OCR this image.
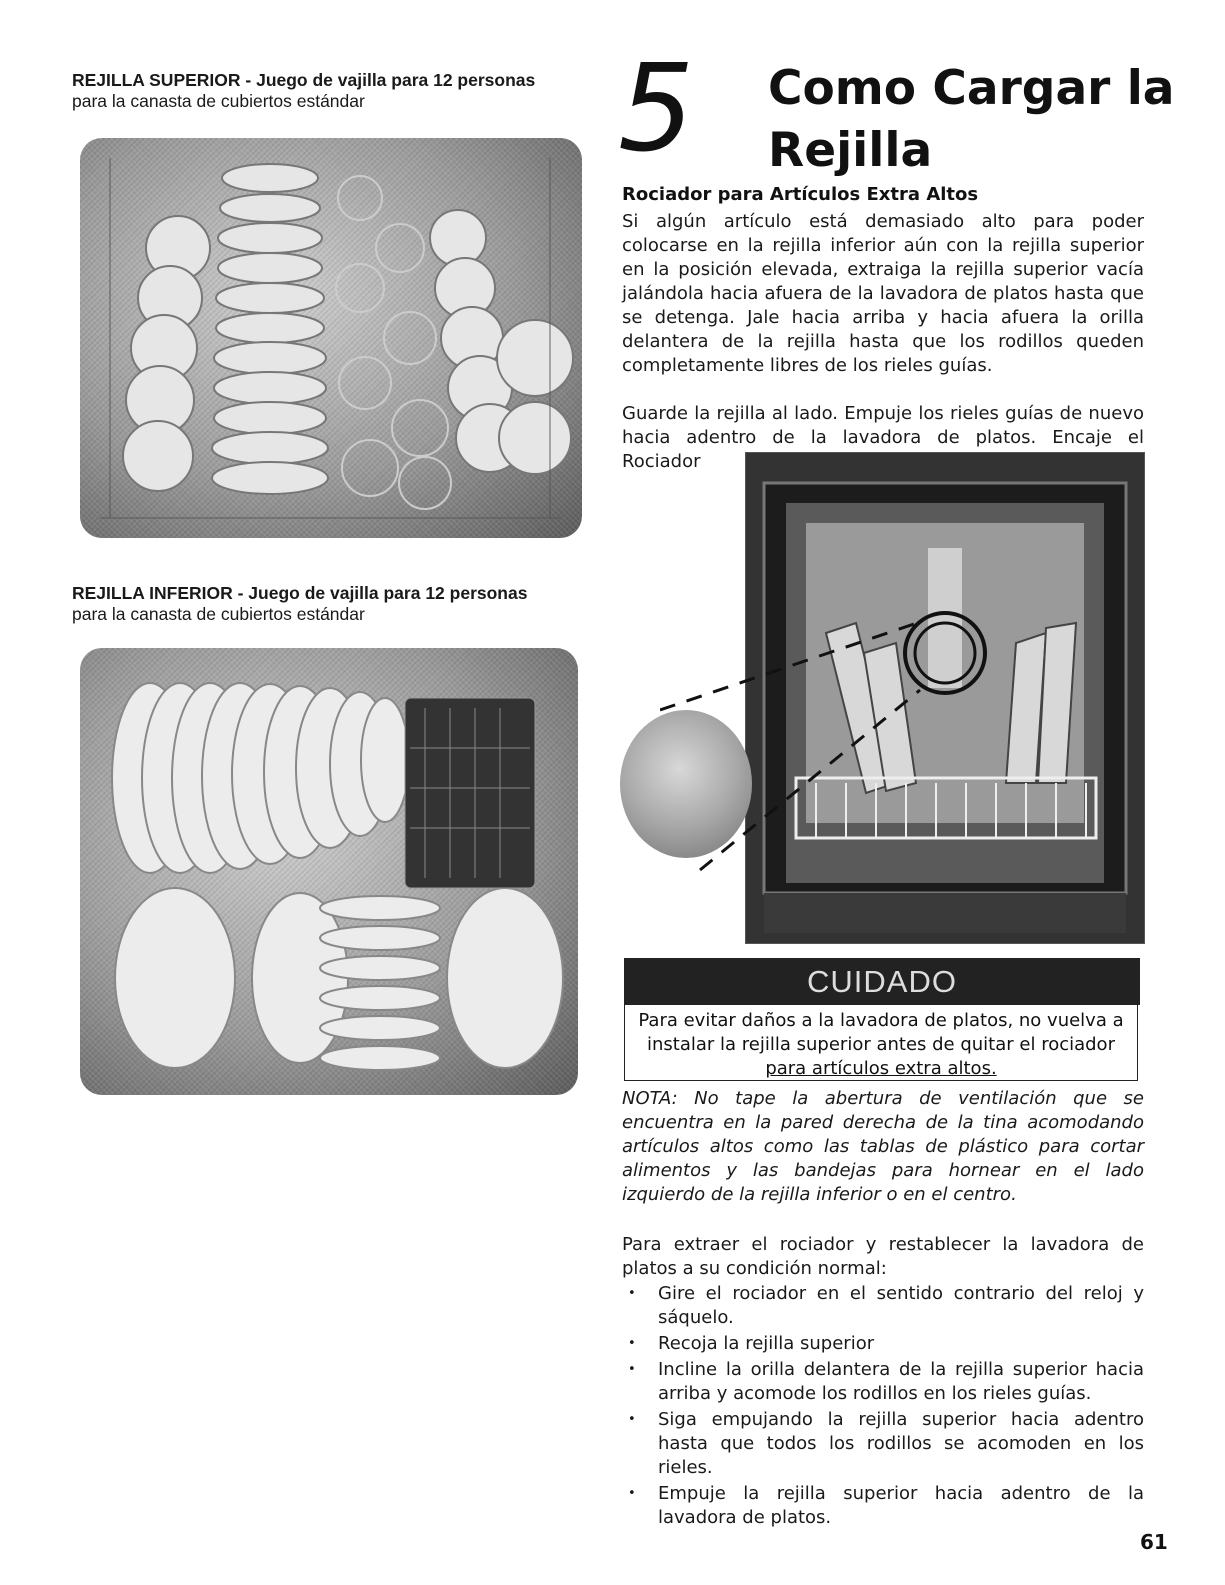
REJILLA SUPERIOR - Juego de vajilla para 12 personas
para la canasta de cubiertos estándar
REJILLA INFERIOR - Juego de vajilla para 12 personas
para la canasta de cubiertos estándar
5 Como Cargar la
Rejilla
Rociador para Artículos Extra Altos
Si algún artículo está demasiado alto para poder colocarse en la rejilla inferior aún con la rejilla superior en la posición elevada, extraiga la rejilla superior vacía jalándola hacia afuera de la lavadora de platos hasta que se detenga. Jale hacia arriba y hacia afuera la orilla delantera de la rejilla hasta que los rodillos queden completamente libres de los rieles guías.
Guarde la rejilla al lado. Empuje los rieles guías de nuevo hacia adentro de la lavadora de platos. Encaje el Rociador
CUIDADO
Para evitar daños a la lavadora de platos, no vuelva a
instalar la rejilla superior antes de quitar el rociador
para artículos extra altos.
NOTA: No tape la abertura de ventilación que se encuentra en la pared derecha de la tina acomodando artículos altos como las tablas de plástico para cortar alimentos y las bandejas para hornear en el lado izquierdo de la rejilla inferior o en el centro.
Para extraer el rociador y restablecer la lavadora de platos a su condición normal:
• Gire el rociador en el sentido contrario del reloj y sáquelo.
• Recoja la rejilla superior
• Incline la orilla delantera de la rejilla superior hacia arriba y acomode los rodillos en los rieles guías.
• Siga empujando la rejilla superior hacia adentro hasta que todos los rodillos se acomoden en los rieles.
• Empuje la rejilla superior hacia adentro de la lavadora de platos.
61
